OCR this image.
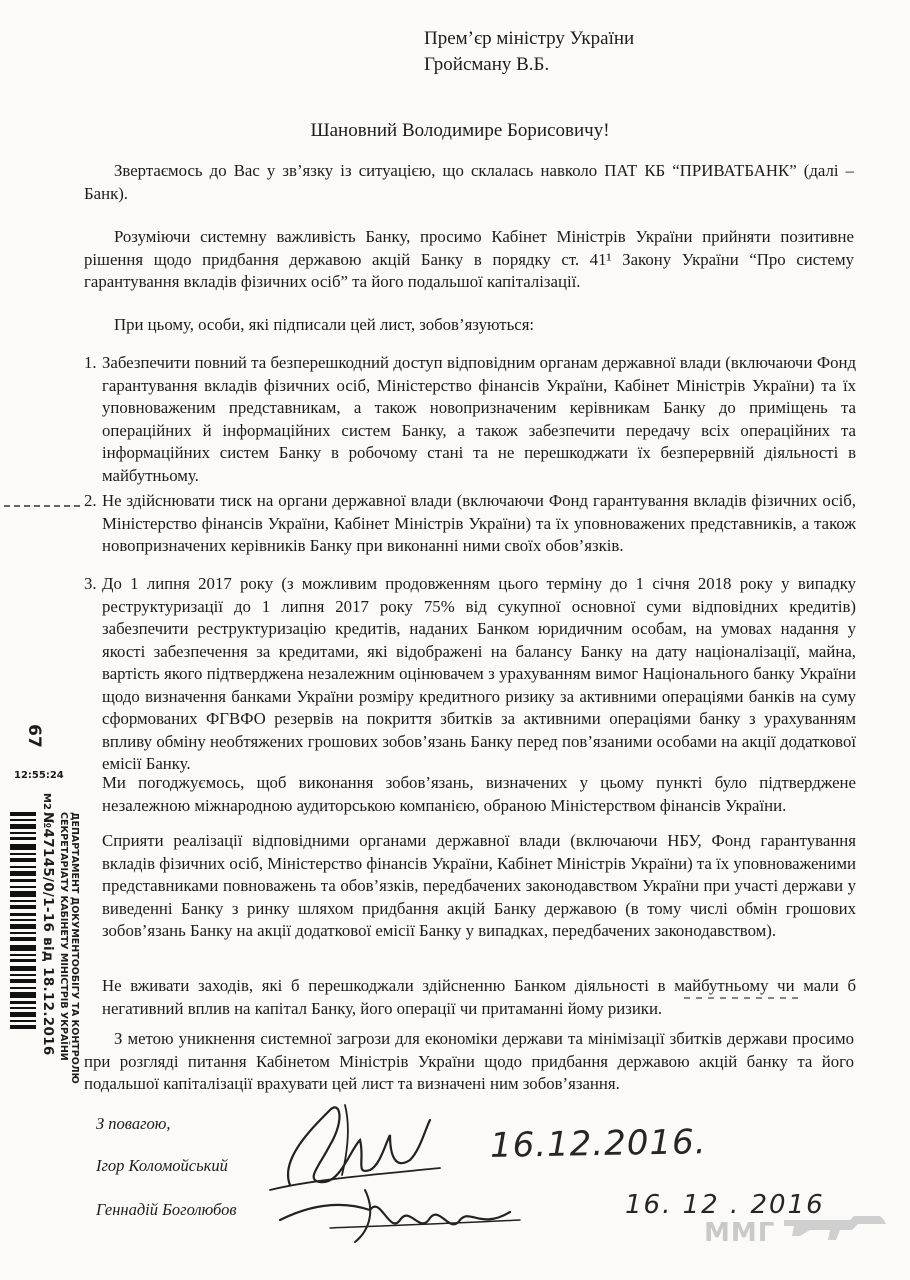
Прем’єр міністру України
Гройсману В.Б.
Шановний Володимире Борисовичу!
Звертаємось до Вас у зв’язку із ситуацією, що склалась навколо ПАТ КБ “ПРИВАТБАНК” (далі – Банк).
Розуміючи системну важливість Банку, просимо Кабінет Міністрів України прийняти позитивне рішення щодо придбання державою акцій Банку в порядку ст. 41¹ Закону України “Про систему гарантування вкладів фізичних осіб” та його подальшої капіталізації.
При цьому, особи, які підписали цей лист, зобов’язуються:
1. Забезпечити повний та безперешкодний доступ відповідним органам державної влади (включаючи Фонд гарантування вкладів фізичних осіб, Міністерство фінансів України, Кабінет Міністрів України) та їх уповноваженим представникам, а також новопризначеним керівникам Банку до приміщень та операційних й інформаційних систем Банку, а також забезпечити передачу всіх операційних та інформаційних систем Банку в робочому стані та не перешкоджати їх безперервній діяльності в майбутньому.
2. Не здійснювати тиск на органи державної влади (включаючи Фонд гарантування вкладів фізичних осіб, Міністерство фінансів України, Кабінет Міністрів України) та їх уповноважених представників, а також новопризначених керівників Банку при виконанні ними своїх обов’язків.
3. До 1 липня 2017 року (з можливим продовженням цього терміну до 1 січня 2018 року у випадку реструктуризації до 1 липня 2017 року 75% від сукупної основної суми відповідних кредитів) забезпечити реструктуризацію кредитів, наданих Банком юридичним особам, на умовах надання у якості забезпечення за кредитами, які відображені на балансу Банку на дату націоналізації, майна, вартість якого підтверджена незалежним оцінювачем з урахуванням вимог Національного банку України щодо визначення банками України розміру кредитного ризику за активними операціями банків на суму сформованих ФГВФО резервів на покриття збитків за активними операціями банку з урахуванням впливу обміну необтяжених грошових зобов’язань Банку перед пов’язаними особами на акції додаткової емісії Банку.
Ми погоджуємось, щоб виконання зобов’язань, визначених у цьому пункті було підтверджене незалежною міжнародною аудиторською компанією, обраною Міністерством фінансів України.
Сприяти реалізації відповідними органами державної влади (включаючи НБУ, Фонд гарантування вкладів фізичних осіб, Міністерство фінансів України, Кабінет Міністрів України) та їх уповноваженими представниками повноважень та обов’язків, передбачених законодавством України при участі держави у виведенні Банку з ринку шляхом придбання акцій Банку державою (в тому числі обмін грошових зобов’язань Банку на акції додаткової емісії Банку у випадках, передбачених законодавством).
Не вживати заходів, які б перешкоджали здійсненню Банком діяльності в майбутньому чи мали б негативний вплив на капітал Банку, його операції чи притаманні йому ризики.
З метою уникнення системної загрози для економіки держави та мінімізації збитків держави просимо при розгляді питання Кабінетом Міністрів України щодо придбання державою акцій банку та його подальшої капіталізації врахувати цей лист та визначені ним зобов’язання.
З повагою,
Ігор Коломойський
Геннадій Боголюбов
16.12.2016.
16. 12 . 2016
67
12:55:24
M2
ДЕПАРТАМЕНТ ДОКУМЕНТООБІГУ ТА КОНТРОЛЮ
СЕКРЕТАРІАТУ КАБІНЕТУ МІНІСТРІВ УКРАЇНИ
№47145/0/1-16 від 18.12.2016
ММГ
